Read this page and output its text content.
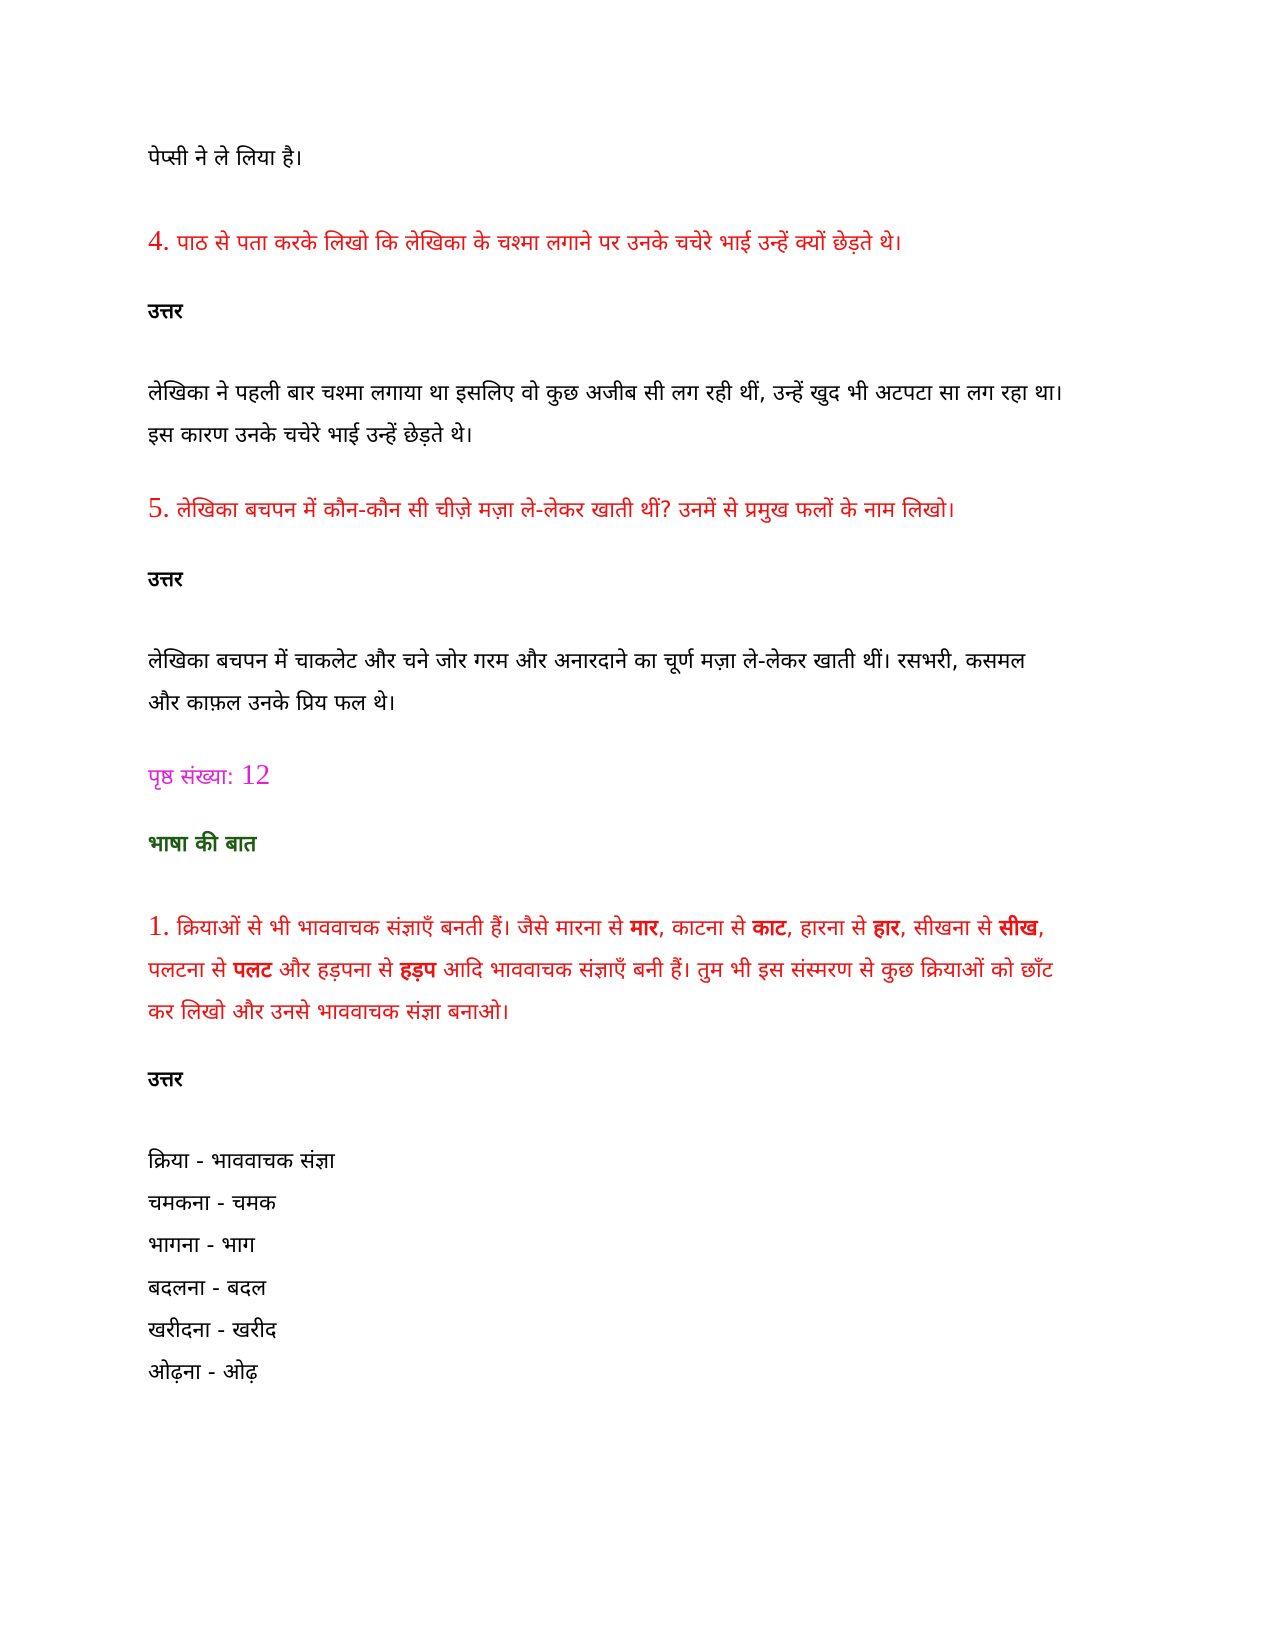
पेप्सी ने ले लिया है।

4. पाठ से पता करके लिखो कि लेखिका के चश्मा लगाने पर उनके चचेरे भाई उन्हें क्यों छेड़ते थे।

उत्तर

लेखिका ने पहली बार चश्मा लगाया था इसलिए वो कुछ अजीब सी लग रही थीं, उन्हें खुद भी अटपटा सा लग रहा था। इस कारण उनके चचेरे भाई उन्हें छेड़ते थे।

5. लेखिका बचपन में कौन-कौन सी चीज़े मज़ा ले-लेकर खाती थीं? उनमें से प्रमुख फलों के नाम लिखो।

उत्तर

लेखिका बचपन में चाकलेट और चने जोर गरम और अनारदाने का चूर्ण मज़ा ले-लेकर खाती थीं। रसभरी, कसमल और काफ़ल उनके प्रिय फल थे।

पृष्ठ संख्या: 12

भाषा की बात

1. क्रियाओं से भी भाववाचक संज्ञाएँ बनती हैं। जैसे मारना से मार, काटना से काट, हारना से हार, सीखना से सीख, पलटना से पलट और हड़पना से हड़प आदि भाववाचक संज्ञाएँ बनी हैं। तुम भी इस संस्मरण से कुछ क्रियाओं को छाँट कर लिखो और उनसे भाववाचक संज्ञा बनाओ।

उत्तर

क्रिया - भाववाचक संज्ञा
चमकना - चमक
भागना - भाग
बदलना - बदल
खरीदना - खरीद
ओढ़ना - ओढ़
